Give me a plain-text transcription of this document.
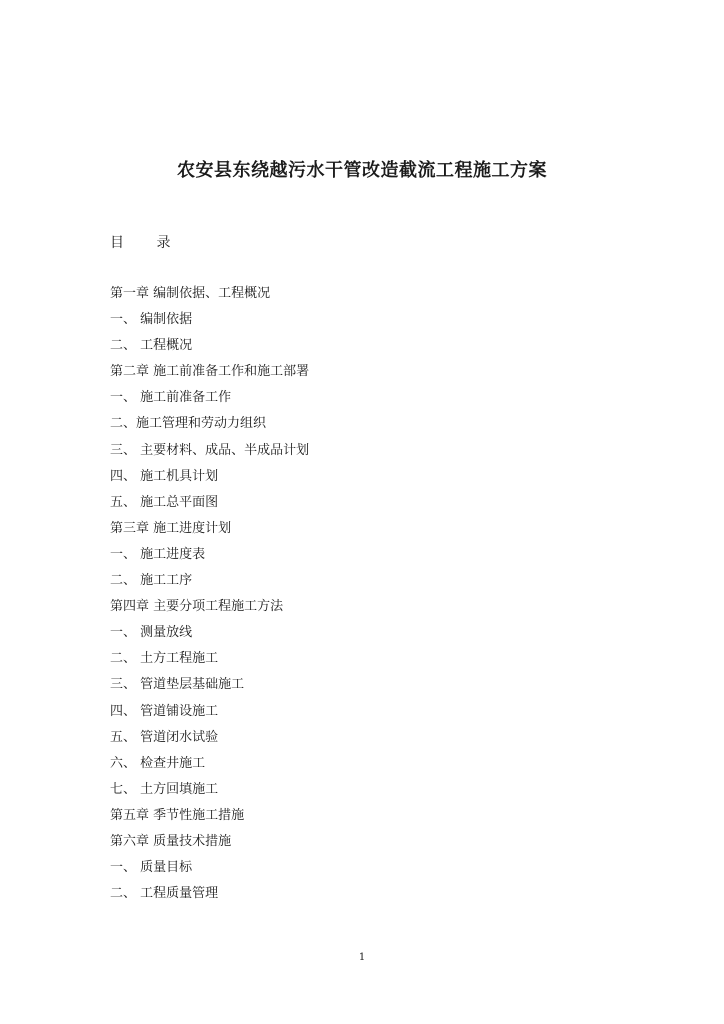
农安县东绕越污水干管改造截流工程施工方案
目 录
第一章 编制依据、工程概况
一、 编制依据
二、 工程概况
第二章 施工前准备工作和施工部署
一、 施工前准备工作
二、施工管理和劳动力组织
三、 主要材料、成品、半成品计划
四、 施工机具计划
五、 施工总平面图
第三章 施工进度计划
一、 施工进度表
二、 施工工序
第四章 主要分项工程施工方法
一、 测量放线
二、 土方工程施工
三、 管道垫层基础施工
四、 管道铺设施工
五、 管道闭水试验
六、 检查井施工
七、 土方回填施工
第五章 季节性施工措施
第六章 质量技术措施
一、 质量目标
二、 工程质量管理
1
